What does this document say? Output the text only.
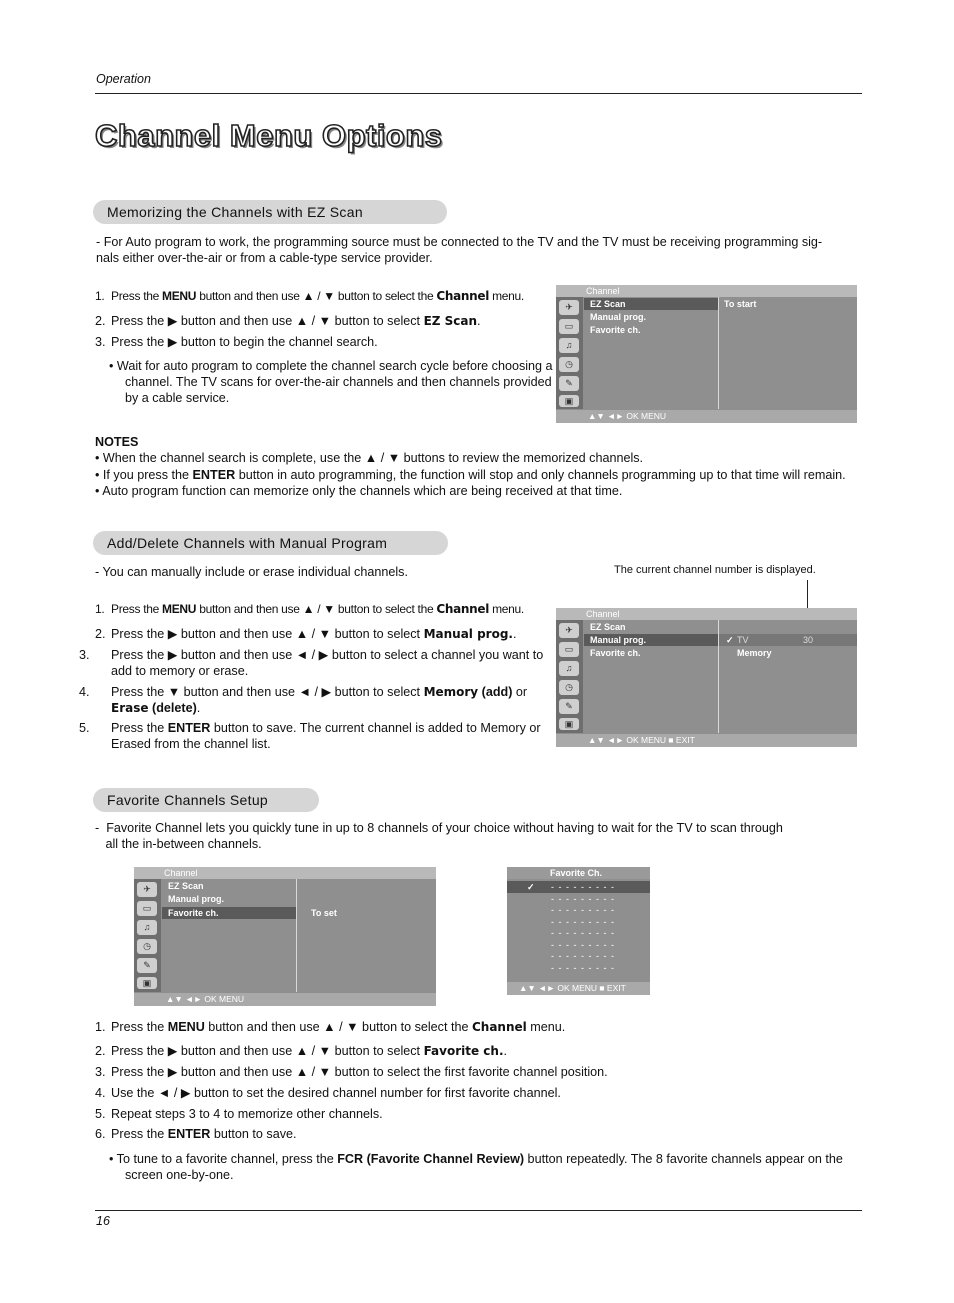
Operation
Channel Menu Options
Memorizing the Channels with EZ Scan
- For Auto program to work, the programming source must be connected to the TV and the TV must be receiving programming sig-
nals either over-the-air or from a cable-type service provider.
1. Press the MENU button and then use ▲ / ▼ button to select the Channel menu.
2. Press the ▶ button and then use ▲ / ▼ button to select EZ Scan.
3. Press the ▶ button to begin the channel search.
• Wait for auto program to complete the channel search cycle before choosing a channel. The TV scans for over-the-air channels and then channels provided by a cable service.
NOTES
• When the channel search is complete, use the ▲ / ▼ buttons to review the memorized channels.
• If you press the ENTER button in auto programming, the function will stop and only channels programming up to that time will remain.
• Auto program function can memorize only the channels which are being received at that time.
Channel
✈
▭
♫
◷
✎
▣
EZ Scan
Manual prog.
Favorite ch.
To start
▲▼ ◄► OK MENU
Add/Delete Channels with Manual Program
- You can manually include or erase individual channels.	The current channel number is displayed.
1. Press the MENU button and then use ▲ / ▼ button to select the Channel menu.
2. Press the ▶ button and then use ▲ / ▼ button to select Manual prog..
3. Press the ▶ button and then use ◄ / ▶ button to select a channel you want to add to memory or erase.
4. Press the ▼ button and then use ◄ / ▶ button to select Memory (add) or Erase (delete).
5. Press the ENTER button to save. The current channel is added to Memory or Erased from the channel list.
Channel
✈
▭
♫
◷
✎
▣
EZ Scan
Manual prog.
Favorite ch.
✓ TV	30
Memory
▲▼ ◄► OK MENU ■ EXIT
Favorite Channels Setup
-  Favorite Channel lets you quickly tune in up to 8 channels of your choice without having to wait for the TV to scan through
all the in-between channels.
Channel
✈
▭
♫
◷
✎
▣
EZ Scan
Manual prog.
Favorite ch.	To set
▲▼ ◄► OK MENU
Favorite Ch.
✓ - - - - - - - - -
- - - - - - - - -
- - - - - - - - -
- - - - - - - - -
- - - - - - - - -
- - - - - - - - -
- - - - - - - - -
- - - - - - - - -
▲▼ ◄► OK MENU ■ EXIT
1. Press the MENU button and then use ▲ / ▼ button to select the Channel menu.
2. Press the ▶ button and then use ▲ / ▼ button to select Favorite ch..
3. Press the ▶ button and then use ▲ / ▼ button to select the first favorite channel position.
4. Use the ◄ / ▶ button to set the desired channel number for first favorite channel.
5. Repeat steps 3 to 4 to memorize other channels.
6. Press the ENTER button to save.
• To tune to a favorite channel, press the FCR (Favorite Channel Review) button repeatedly. The 8 favorite channels appear on the screen one-by-one.
16
